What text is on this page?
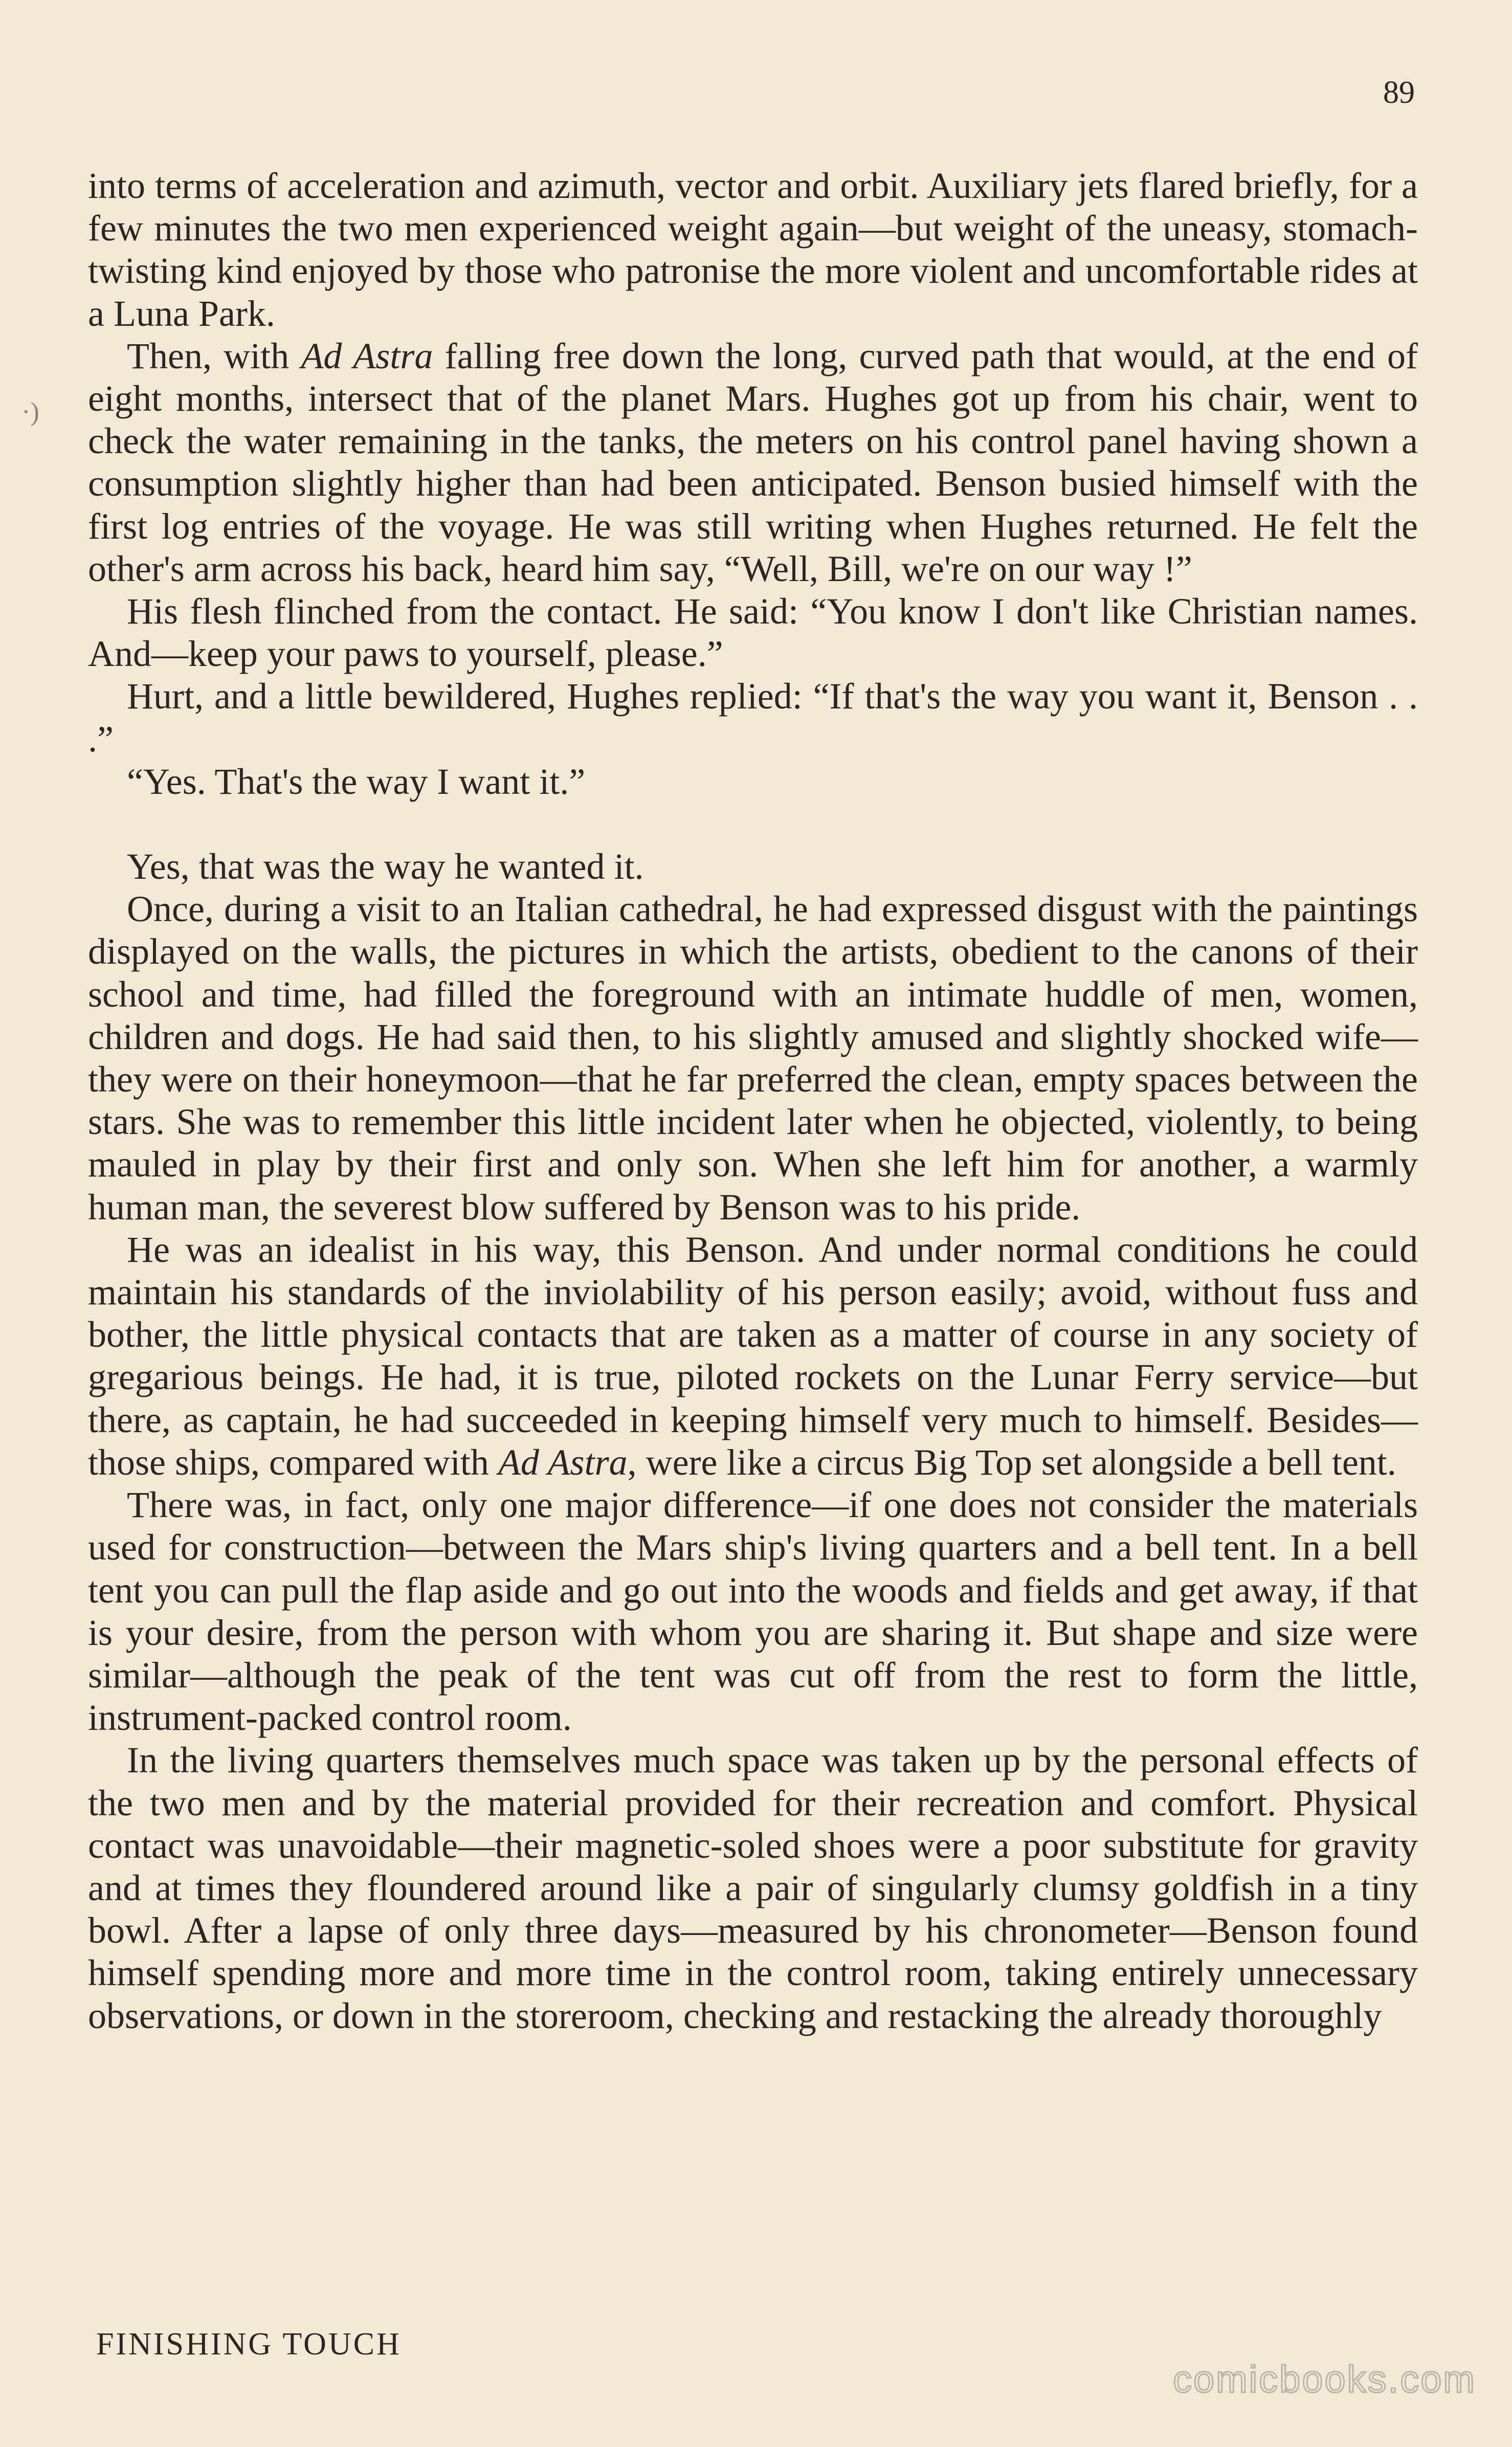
89
·)

into terms of acceleration and azimuth, vector and orbit. Auxiliary jets flared briefly, for a few minutes the two men experienced weight again—but weight of the uneasy, stomach-twisting kind enjoyed by those who patronise the more violent and uncomfortable rides at a Luna Park.

Then, with Ad Astra falling free down the long, curved path that would, at the end of eight months, intersect that of the planet Mars. Hughes got up from his chair, went to check the water remaining in the tanks, the meters on his control panel having shown a consumption slightly higher than had been anticipated. Benson busied himself with the first log entries of the voyage. He was still writing when Hughes returned. He felt the other's arm across his back, heard him say, “Well, Bill, we're on our way !”

His flesh flinched from the contact. He said: “You know I don't like Christian names. And—keep your paws to yourself, please.”

Hurt, and a little bewildered, Hughes replied: “If that's the way you want it, Benson . . .”

“Yes. That's the way I want it.”

Yes, that was the way he wanted it.

Once, during a visit to an Italian cathedral, he had expressed disgust with the paintings displayed on the walls, the pictures in which the artists, obedient to the canons of their school and time, had filled the foreground with an intimate huddle of men, women, children and dogs. He had said then, to his slightly amused and slightly shocked wife—they were on their honeymoon—that he far preferred the clean, empty spaces between the stars. She was to remember this little incident later when he objected, violently, to being mauled in play by their first and only son. When she left him for another, a warmly human man, the severest blow suffered by Benson was to his pride.

He was an idealist in his way, this Benson. And under normal conditions he could maintain his standards of the inviolability of his person easily; avoid, without fuss and bother, the little physical contacts that are taken as a matter of course in any society of gregarious beings. He had, it is true, piloted rockets on the Lunar Ferry service—but there, as captain, he had succeeded in keeping himself very much to himself. Besides—those ships, compared with Ad Astra, were like a circus Big Top set alongside a bell tent.

There was, in fact, only one major difference—if one does not consider the materials used for construction—between the Mars ship's living quarters and a bell tent. In a bell tent you can pull the flap aside and go out into the woods and fields and get away, if that is your desire, from the person with whom you are sharing it. But shape and size were similar—although the peak of the tent was cut off from the rest to form the little, instrument-packed control room.

In the living quarters themselves much space was taken up by the personal effects of the two men and by the material provided for their recreation and comfort. Physical contact was unavoidable—their magnetic-soled shoes were a poor substitute for gravity and at times they floundered around like a pair of singularly clumsy goldfish in a tiny bowl. After a lapse of only three days—measured by his chronometer—Benson found himself spending more and more time in the control room, taking entirely unnecessary observations, or down in the storeroom, checking and restacking the already thoroughly

FINISHING TOUCH
comicbooks.com
